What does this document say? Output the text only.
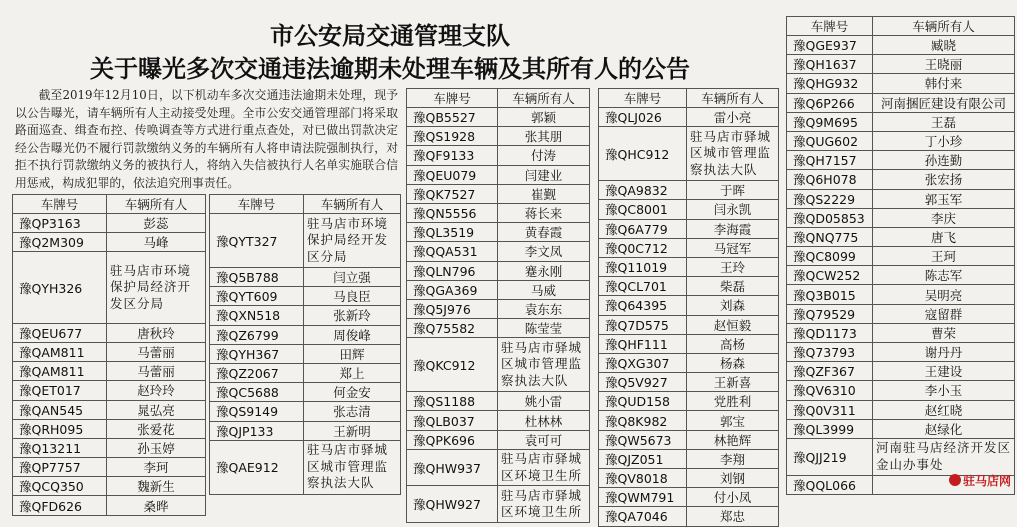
市公安局交通管理支队
关于曝光多次交通违法逾期未处理车辆及其所有人的公告

截至2019年12月10日，以下机动车多次交通违法逾期未处理，现予以公告曝光，请车辆所有人主动接受处理。全市公安交通管理部门将采取路面巡查、缉查布控、传唤调查等方式进行重点查处，对已做出罚款决定经公告曝光仍不履行罚款缴纳义务的车辆所有人将申请法院强制执行，对拒不执行罚款缴纳义务的被执行人，将纳入失信被执行人名单实施联合信用惩戒，构成犯罪的，依法追究刑事责任。

车牌号	车辆所有人
豫QP3163	彭蕊
豫Q2M309	马峰
豫QYH326	驻马店市环境保护局经济开发区分局
豫QEU677	唐秋玲
豫QAM811	马蕾丽
豫QAM811	马蕾丽
豫QET017	赵玲玲
豫QAN545	晁弘亮
豫QRH095	张爱花
豫Q13211	孙玉婷
豫QP7757	李珂
豫QCQ350	魏新生
豫QFD626	桑晔
车牌号	车辆所有人
豫QYT327	驻马店市环境保护局经开发区分局
豫Q5B788	闫立强
豫QYT609	马良臣
豫QXN518	张新玲
豫QZ6799	周俊峰
豫QYH367	田辉
豫QZ2067	郑上
豫QC5688	何金安
豫QS9149	张志清
豫QJP133	王新明
豫QAE912	驻马店市驿城区城市管理监察执法大队
车牌号	车辆所有人
豫QB5527	郭颖
豫QS1928	张其朋
豫QF9133	付涛
豫QEU079	闫建业
豫QK7527	崔觐
豫QN5556	蒋长来
豫QL3519	黄春霞
豫QQA531	李文凤
豫QLN796	蹇永刚
豫QGA369	马威
豫Q5J976	袁东东
豫Q75582	陈莹莹
豫QKC912	驻马店市驿城区城市管理监察执法大队
豫QS1188	姚小雷
豫QLB037	杜林林
豫QPK696	袁可可
豫QHW937	驻马店市驿城区环境卫生所
豫QHW927	驻马店市驿城区环境卫生所
车牌号	车辆所有人
豫QLJ026	雷小亮
豫QHC912	驻马店市驿城区城市管理监察执法大队
豫QA9832	于晖
豫QC8001	闫永凯
豫Q6A779	李海霞
豫Q0C712	马冠军
豫Q11019	王玲
豫QCL701	柴磊
豫Q64395	刘森
豫Q7D575	赵恒毅
豫QHF111	高杨
豫QXG307	杨森
豫Q5V927	王新喜
豫QUD158	党胜利
豫Q8K982	郭宝
豫QW5673	林艳辉
豫QJZ051	李翔
豫QV8018	刘钢
豫QWM791	付小凤
豫QA7046	郑忠
车牌号	车辆所有人
豫QGE937	臧晓
豫QH1637	王晓丽
豫QHG932	韩付来
豫Q6P266	河南捆匠建设有限公司
豫Q9M695	王磊
豫QUG602	丁小珍
豫QH7157	孙连勤
豫Q6H078	张宏扬
豫QS2229	郭玉军
豫QD05853	李庆
豫QNQ775	唐飞
豫QC8099	王珂
豫QCW252	陈志军
豫Q3B015	吴明亮
豫Q79529	寇留群
豫QD1173	曹荣
豫Q73793	谢丹丹
豫QZF367	王建设
豫QV6310	李小玉
豫Q0V311	赵红晓
豫QL3999	赵绿化
豫QJJ219	河南驻马店经济开发区金山办事处
豫QQL066		驻马店网
